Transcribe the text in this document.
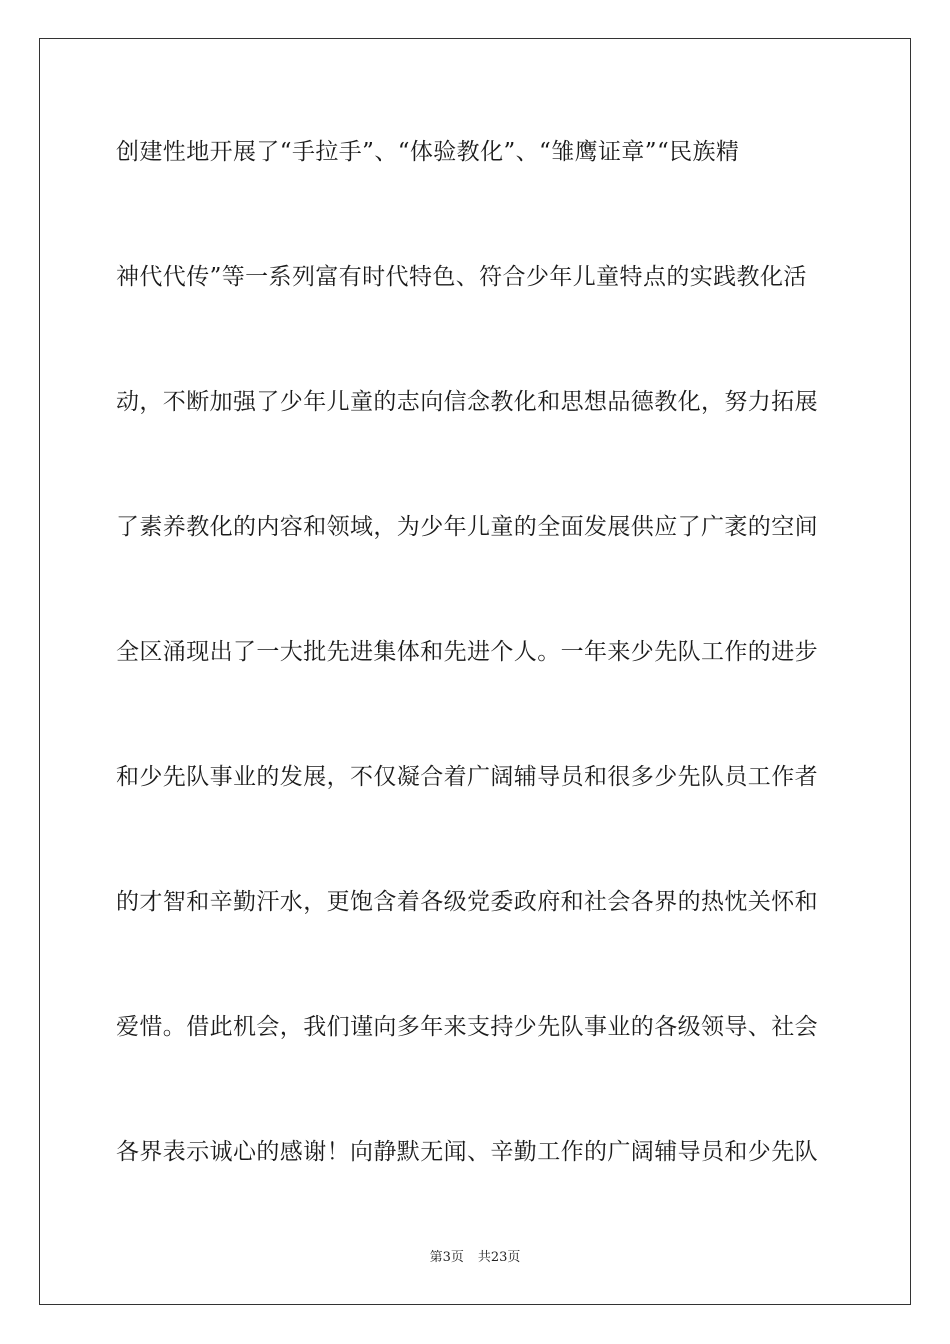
创建性地开展了“手拉手”、“体验教化”、“雏鹰证章”“民族精
神代代传”等一系列富有时代特色、符合少年儿童特点的实践教化活
动，不断加强了少年儿童的志向信念教化和思想品德教化，努力拓展
了素养教化的内容和领域，为少年儿童的全面发展供应了广袤的空间
全区涌现出了一大批先进集体和先进个人。一年来少先队工作的进步
和少先队事业的发展，不仅凝合着广阔辅导员和很多少先队员工作者
的才智和辛勤汗水，更饱含着各级党委政府和社会各界的热忱关怀和
爱惜。借此机会，我们谨向多年来支持少先队事业的各级领导、社会
各界表示诚心的感谢！向静默无闻、辛勤工作的广阔辅导员和少先队
第3页 共23页
